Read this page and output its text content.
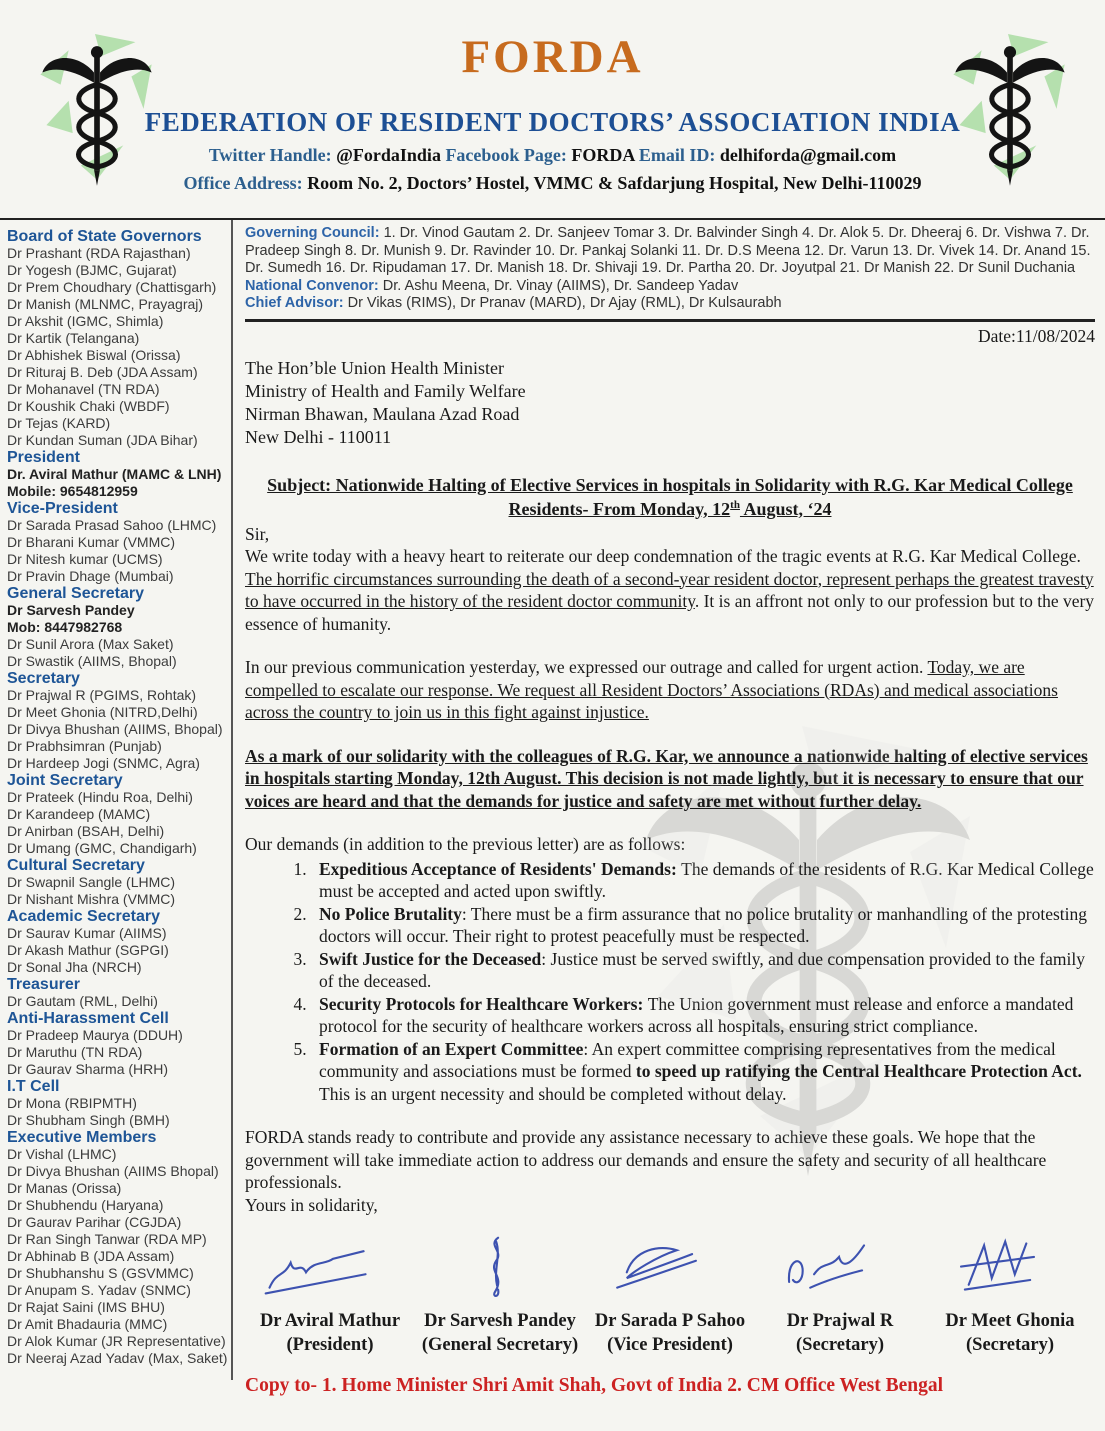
FORDA
FEDERATION OF RESIDENT DOCTORS’ ASSOCIATION INDIA
Twitter Handle: @FordaIndia Facebook Page: FORDA Email ID: delhiforda@gmail.com
Office Address: Room No. 2, Doctors’ Hostel, VMMC & Safdarjung Hospital, New Delhi-110029
Board of State Governors
Dr Prashant (RDA Rajasthan)
Dr Yogesh (BJMC, Gujarat)
Dr Prem Choudhary (Chattisgarh)
Dr Manish (MLNMC, Prayagraj)
Dr Akshit (IGMC, Shimla)
Dr Kartik (Telangana)
Dr Abhishek Biswal (Orissa)
Dr Rituraj B. Deb (JDA Assam)
Dr Mohanavel (TN RDA)
Dr Koushik Chaki (WBDF)
Dr Tejas (KARD)
Dr Kundan Suman (JDA Bihar)
President
Dr. Aviral Mathur (MAMC & LNH)
Mobile: 9654812959
Vice-President
Dr Sarada Prasad Sahoo (LHMC)
Dr Bharani Kumar (VMMC)
Dr Nitesh kumar (UCMS)
Dr Pravin Dhage (Mumbai)
General Secretary
Dr Sarvesh Pandey
Mob: 8447982768
Dr Sunil Arora (Max Saket)
Dr Swastik (AIIMS, Bhopal)
Secretary
Dr Prajwal R (PGIMS, Rohtak)
Dr Meet Ghonia (NITRD,Delhi)
Dr Divya Bhushan (AIIMS, Bhopal)
Dr Prabhsimran (Punjab)
Dr Hardeep Jogi (SNMC, Agra)
Joint Secretary
Dr Prateek (Hindu Roa, Delhi)
Dr Karandeep (MAMC)
Dr Anirban (BSAH, Delhi)
Dr Umang (GMC, Chandigarh)
Cultural Secretary
Dr Swapnil Sangle (LHMC)
Dr Nishant Mishra (VMMC)
Academic Secretary
Dr Saurav Kumar (AIIMS)
Dr Akash Mathur (SGPGI)
Dr Sonal Jha (NRCH)
Treasurer
Dr Gautam (RML, Delhi)
Anti-Harassment Cell
Dr Pradeep Maurya (DDUH)
Dr Maruthu (TN RDA)
Dr Gaurav Sharma (HRH)
I.T Cell
Dr Mona (RBIPMTH)
Dr Shubham Singh (BMH)
Executive Members
Dr Vishal (LHMC)
Dr Divya Bhushan (AIIMS Bhopal)
Dr Manas (Orissa)
Dr Shubhendu (Haryana)
Dr Gaurav Parihar (CGJDA)
Dr Ran Singh Tanwar (RDA MP)
Dr Abhinab B (JDA Assam)
Dr Shubhanshu S (GSVMMC)
Dr Anupam S. Yadav (SNMC)
Dr Rajat Saini (IMS BHU)
Dr Amit Bhadauria (MMC)
Dr Alok Kumar (JR Representative)
Dr Neeraj Azad Yadav (Max, Saket)
Governing Council: 1. Dr. Vinod Gautam 2. Dr. Sanjeev Tomar 3. Dr. Balvinder Singh 4. Dr. Alok 5. Dr. Dheeraj 6. Dr. Vishwa 7. Dr. Pradeep Singh 8. Dr. Munish 9. Dr. Ravinder 10. Dr. Pankaj Solanki 11. Dr. D.S Meena 12. Dr. Varun 13. Dr. Vivek 14. Dr. Anand 15. Dr. Sumedh 16. Dr. Ripudaman 17. Dr. Manish 18. Dr. Shivaji 19. Dr. Partha 20. Dr. Joyutpal 21. Dr Manish 22. Dr Sunil Duchania
National Convenor: Dr. Ashu Meena, Dr. Vinay (AIIMS), Dr. Sandeep Yadav
Chief Advisor: Dr Vikas (RIMS), Dr Pranav (MARD), Dr Ajay (RML), Dr Kulsaurabh
Date:11/08/2024
The Hon’ble Union Health Minister
Ministry of Health and Family Welfare
Nirman Bhawan, Maulana Azad Road
New Delhi - 110011
Subject: Nationwide Halting of Elective Services in hospitals in Solidarity with R.G. Kar Medical College Residents- From Monday, 12th August, ‘24

Sir,

We write today with a heavy heart to reiterate our deep condemnation of the tragic events at R.G. Kar Medical College. The horrific circumstances surrounding the death of a second-year resident doctor, represent perhaps the greatest travesty to have occurred in the history of the resident doctor community. It is an affront not only to our profession but to the very essence of humanity.

In our previous communication yesterday, we expressed our outrage and called for urgent action. Today, we are compelled to escalate our response. We request all Resident Doctors’ Associations (RDAs) and medical associations across the country to join us in this fight against injustice.

As a mark of our solidarity with the colleagues of R.G. Kar, we announce a nationwide halting of elective services in hospitals starting Monday, 12th August. This decision is not made lightly, but it is necessary to ensure that our voices are heard and that the demands for justice and safety are met without further delay.

Our demands (in addition to the previous letter) are as follows:

1. Expeditious Acceptance of Residents' Demands: The demands of the residents of R.G. Kar Medical College must be accepted and acted upon swiftly.
2. No Police Brutality: There must be a firm assurance that no police brutality or manhandling of the protesting doctors will occur. Their right to protest peacefully must be respected.
3. Swift Justice for the Deceased: Justice must be served swiftly, and due compensation provided to the family of the deceased.
4. Security Protocols for Healthcare Workers: The Union government must release and enforce a mandated protocol for the security of healthcare workers across all hospitals, ensuring strict compliance.
5. Formation of an Expert Committee: An expert committee comprising representatives from the medical community and associations must be formed to speed up ratifying the Central Healthcare Protection Act. This is an urgent necessity and should be completed without delay.

FORDA stands ready to contribute and provide any assistance necessary to achieve these goals. We hope that the government will take immediate action to address our demands and ensure the safety and security of all healthcare professionals.

Yours in solidarity,

Dr Aviral Mathur
(President)
Dr Sarvesh Pandey
(General Secretary)
Dr Sarada P Sahoo
(Vice President)
Dr Prajwal R
(Secretary)
Dr Meet Ghonia
(Secretary)
Copy to- 1. Home Minister Shri Amit Shah, Govt of India 2. CM Office West Bengal
